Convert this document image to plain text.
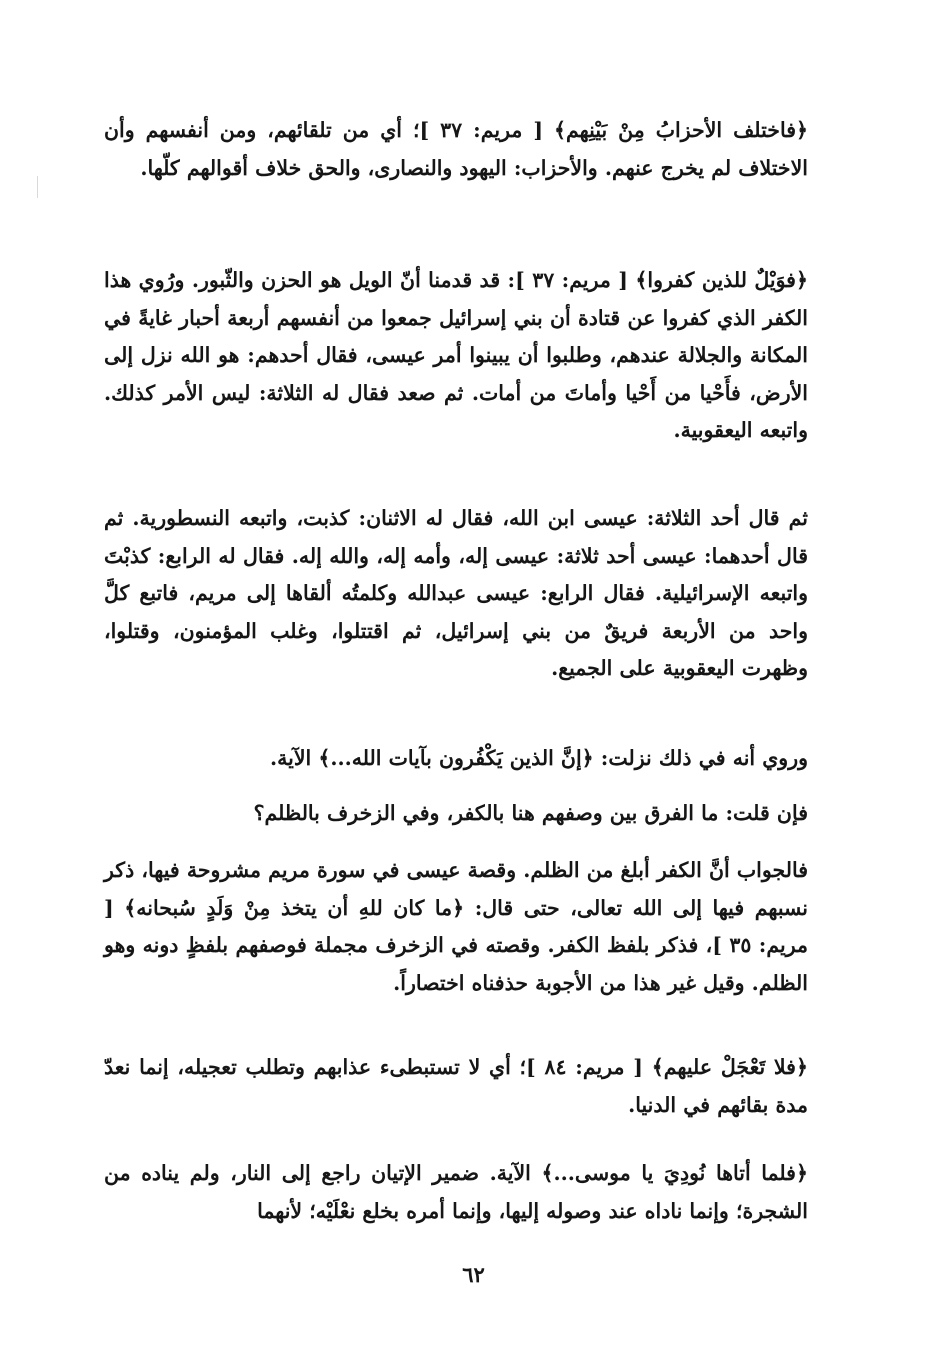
﴿فاختلف الأحزابُ مِنْ بَيْنِهم﴾ [ مريم: ٣٧ ]؛ أي من تلقائهم، ومن أنفسهم وأن الاختلاف لم يخرج عنهم. والأحزاب: اليهود والنصارى، والحق خلاف أقوالهم كلّها.

﴿فوَيْلٌ للذين كفروا﴾ [ مريم: ٣٧ ]: قد قدمنا أنّ الويل هو الحزن والثّبور. ورُوي هذا الكفر الذي كفروا عن قتادة أن بني إسرائيل جمعوا من أنفسهم أربعة أحبار غايةً في المكانة والجلالة عندهم، وطلبوا أن يبينوا أمر عيسى، فقال أحدهم: هو الله نزل إلى الأرض، فأَحْيا من أَحْيا وأماتَ من أمات. ثم صعد فقال له الثلاثة: ليس الأمر كذلك. واتبعه اليعقوبية.

ثم قال أحد الثلاثة: عيسى ابن الله، فقال له الاثنان: كذبت، واتبعه النسطورية. ثم قال أحدهما: عيسى أحد ثلاثة: عيسى إله، وأمه إله، والله إله. فقال له الرابع: كذبْتَ واتبعه الإسرائيلية. فقال الرابع: عيسى عبدالله وكلمتُه ألقاها إلى مريم، فاتبع كلَّ واحد من الأربعة فريقٌ من بني إسرائيل، ثم اقتتلوا، وغلب المؤمنون، وقتلوا، وظهرت اليعقوبية على الجميع.

وروي أنه في ذلك نزلت: ﴿إنَّ الذين يَكْفُرون بآيات الله...﴾ الآية.

فإن قلت: ما الفرق بين وصفهم هنا بالكفر، وفي الزخرف بالظلم؟

فالجواب أنَّ الكفر أبلغ من الظلم. وقصة عيسى في سورة مريم مشروحة فيها، ذكر نسبهم فيها إلى الله تعالى، حتى قال: ﴿ما كان للهِ أن يتخذ مِنْ وَلَدٍ سُبحانه﴾ [ مريم: ٣٥ ]، فذكر بلفظ الكفر. وقصته في الزخرف مجملة فوصفهم بلفظٍ دونه وهو الظلم. وقيل غير هذا من الأجوبة حذفناه اختصاراً.

﴿فلا تَعْجَلْ عليهم﴾ [ مريم: ٨٤ ]؛ أي لا تستبطىء عذابهم وتطلب تعجيله، إنما نعدّ مدة بقائهم في الدنيا.

﴿فلما أتاها نُودِيَ يا موسى...﴾ الآية. ضمير الإتيان راجع إلى النار، ولم يناده من الشجرة؛ وإنما ناداه عند وصوله إليها، وإنما أمره بخلع نعْلَيْه؛ لأنهما

٦٢
